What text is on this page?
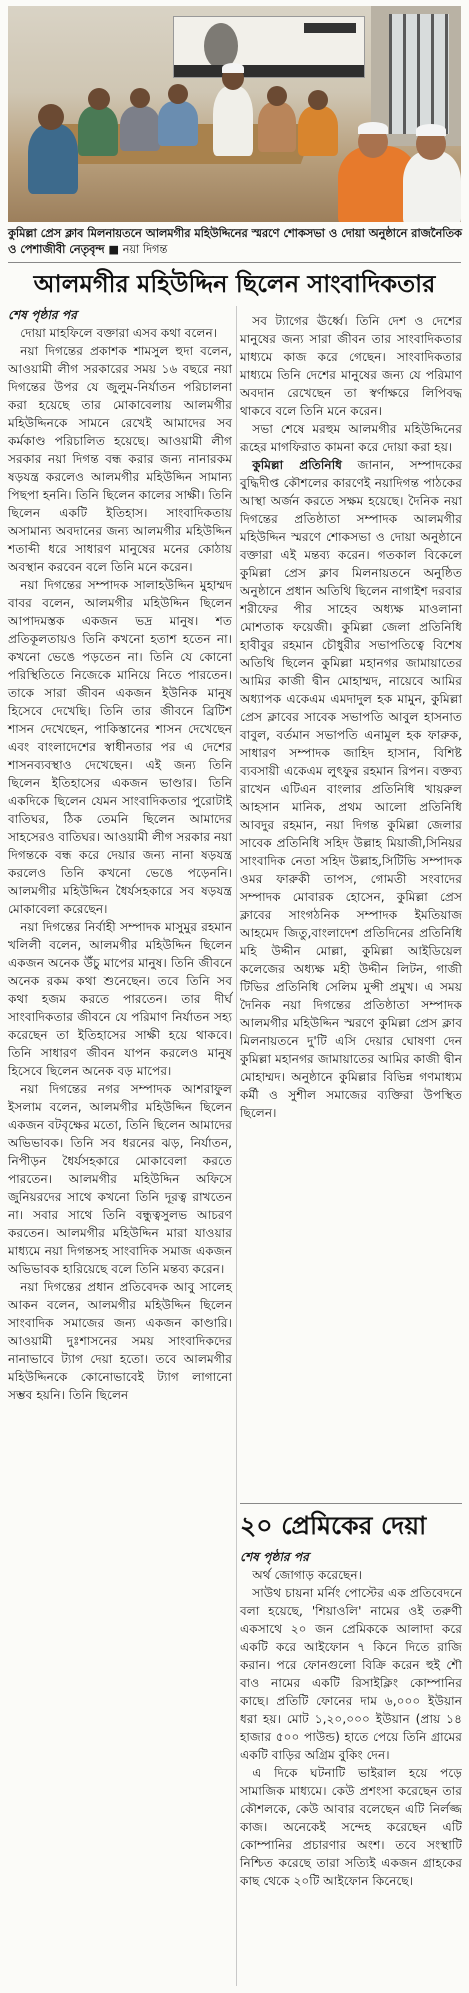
কুমিল্লা প্রেস ক্লাব মিলনায়তনে আলমগীর মহিউদ্দিনের স্মরণে শোকসভা ও দোয়া অনুষ্ঠানে রাজনৈতিক ও পেশাজীবী নেতৃবৃন্দ ■ নয়া দিগন্ত
আলমগীর মহিউদ্দিন ছিলেন সাংবাদিকতার

শেষ পৃষ্ঠার পর

দোয়া মাহফিলে বক্তারা এসব কথা বলেন।

নয়া দিগন্তের প্রকাশক শামসুল হুদা বলেন, আওয়ামী লীগ সরকারের সময় ১৬ বছরে নয়া দিগন্তের উপর যে জুলুম-নির্যাতন পরিচালনা করা হয়েছে তার মোকাবেলায় আলমগীর মহিউদ্দিনকে সামনে রেখেই আমাদের সব কর্মকাণ্ড পরিচালিত হয়েছে। আওয়ামী লীগ সরকার নয়া দিগন্ত বন্ধ করার জন্য নানারকম ষড়যন্ত্র করলেও আলমগীর মহিউদ্দিন সামান্য পিছপা হননি। তিনি ছিলেন কালের সাক্ষী। তিনি ছিলেন একটি ইতিহাস। সাংবাদিকতায় অসামান্য অবদানের জন্য আলমগীর মহিউদ্দিন শতাব্দী ধরে সাধারণ মানুষের মনের কোঠায় অবস্থান করবেন বলে তিনি মনে করেন।

নয়া দিগন্তের সম্পাদক সালাহউদ্দিন মুহাম্মদ বাবর বলেন, আলমগীর মহিউদ্দিন ছিলেন আপাদমস্তক একজন ভদ্র মানুষ। শত প্রতিকূলতায়ও তিনি কখনো হতাশ হতেন না। কখনো ভেঙে পড়তেন না। তিনি যে কোনো পরিস্থিতিতে নিজেকে মানিয়ে নিতে পারতেন। তাকে সারা জীবন একজন ইউনিক মানুষ হিসেবে দেখেছি। তিনি তার জীবনে ব্রিটিশ শাসন দেখেছেন, পাকিস্তানের শাসন দেখেছেন এবং বাংলাদেশের স্বাধীনতার পর এ দেশের শাসনব্যবস্থাও দেখেছেন। এই জন্য তিনি ছিলেন ইতিহাসের একজন ভাণ্ডার। তিনি একদিকে ছিলেন যেমন সাংবাদিকতার পুরোটাই বাতিঘর, ঠিক তেমনি ছিলেন আমাদের সাহসেরও বাতিঘর। আওয়ামী লীগ সরকার নয়া দিগন্তকে বন্ধ করে দেয়ার জন্য নানা ষড়যন্ত্র করলেও তিনি কখনো ভেঙে পড়েননি। আলমগীর মহিউদ্দিন ধৈর্যসহকারে সব ষড়যন্ত্র মোকাবেলা করেছেন।

নয়া দিগন্তের নির্বাহী সম্পাদক মাসুমুর রহমান খলিলী বলেন, আলমগীর মহিউদ্দিন ছিলেন একজন অনেক উঁচু মাপের মানুষ। তিনি জীবনে অনেক রকম কথা শুনেছেন। তবে তিনি সব কথা হজম করতে পারতেন। তার দীর্ঘ সাংবাদিকতার জীবনে যে পরিমাণ নির্যাতন সহ্য করেছেন তা ইতিহাসের সাক্ষী হয়ে থাকবে। তিনি সাধারণ জীবন যাপন করলেও মানুষ হিসেবে ছিলেন অনেক বড় মাপের।

নয়া দিগন্তের নগর সম্পাদক আশরাফুল ইসলাম বলেন, আলমগীর মহিউদ্দিন ছিলেন একজন বটবৃক্ষের মতো, তিনি ছিলেন আমাদের অভিভাবক। তিনি সব ধরনের ঝড়, নির্যাতন, নিপীড়ন ধৈর্যসহকারে মোকাবেলা করতে পারতেন। আলমগীর মহিউদ্দিন অফিসে জুনিয়রদের সাথে কখনো তিনি দূরত্ব রাখতেন না। সবার সাথে তিনি বন্ধুত্বসুলভ আচরণ করতেন। আলমগীর মহিউদ্দিন মারা যাওয়ার মাধ্যমে নয়া দিগন্তসহ সাংবাদিক সমাজ একজন অভিভাবক হারিয়েছে বলে তিনি মন্তব্য করেন।

নয়া দিগন্তের প্রধান প্রতিবেদক আবু সালেহ আকন বলেন, আলমগীর মহিউদ্দিন ছিলেন সাংবাদিক সমাজের জন্য একজন কাণ্ডারি। আওয়ামী দুঃশাসনের সময় সাংবাদিকদের নানাভাবে ট্যাগ দেয়া হতো। তবে আলমগীর মহিউদ্দিনকে কোনোভাবেই ট্যাগ লাগানো সম্ভব হয়নি। তিনি ছিলেন

সব ট্যাগের ঊর্ধ্বে। তিনি দেশ ও দেশের মানুষের জন্য সারা জীবন তার সাংবাদিকতার মাধ্যমে কাজ করে গেছেন। সাংবাদিকতার মাধ্যমে তিনি দেশের মানুষের জন্য যে পরিমাণ অবদান রেখেছেন তা স্বর্ণাক্ষরে লিপিবদ্ধ থাকবে বলে তিনি মনে করেন।

সভা শেষে মরহুম আলমগীর মহিউদ্দিনের রূহের মাগফিরাত কামনা করে দোয়া করা হয়।

কুমিল্লা প্রতিনিধি জানান, সম্পাদকের বুদ্ধিদীপ্ত কৌশলের কারণেই নয়াদিগন্ত পাঠকের আস্থা অর্জন করতে সক্ষম হয়েছে। দৈনিক নয়া দিগন্তের প্রতিষ্ঠাতা সম্পাদক আলমগীর মহিউদ্দিন স্মরণে শোকসভা ও দোয়া অনুষ্ঠানে বক্তারা এই মন্তব্য করেন। গতকাল বিকেলে কুমিল্লা প্রেস ক্লাব মিলনায়তনে অনুষ্ঠিত অনুষ্ঠানে প্রধান অতিথি ছিলেন নাগাইশ দরবার শরীফের পীর সাহেব অধ্যক্ষ মাওলানা মোশতাক ফয়েজী। কুমিল্লা জেলা প্রতিনিধি হাবীবুর রহমান চৌধুরীর সভাপতিত্বে বিশেষ অতিথি ছিলেন কুমিল্লা মহানগর জামায়াতের আমির কাজী দ্বীন মোহাম্মদ, নায়েবে আমির অধ্যাপক একেএম এমদাদুল হক মামুন, কুমিল্লা প্রেস ক্লাবের সাবেক সভাপতি আবুল হাসনাত বাবুল, বর্তমান সভাপতি এনামুল হক ফারুক, সাধারণ সম্পাদক জাহিদ হাসান, বিশিষ্ট ব্যবসায়ী একেএম লুৎফুর রহমান রিপন। বক্তব্য রাখেন এটিএন বাংলার প্রতিনিধি খায়রুল আহসান মানিক, প্রথম আলো প্রতিনিধি আবদুর রহমান, নয়া দিগন্ত কুমিল্লা জেলার সাবেক প্রতিনিধি সহিদ উল্লাহ মিয়াজী,সিনিয়র সাংবাদিক নেতা সহিদ উল্লাহ,সিটিভি সম্পাদক ওমর ফারুকী তাপস, গোমতী সংবাদের সম্পাদক মোবারক হোসেন, কুমিল্লা প্রেস ক্লাবের সাংগঠনিক সম্পাদক ইমতিয়াজ আহমেদ জিতু,বাংলাদেশ প্রতিদিনের প্রতিনিধি মহি উদ্দীন মোল্লা, কুমিল্লা আইডিয়েল কলেজের অধ্যক্ষ মহী উদ্দীন লিটন, গাজী টিভির প্রতিনিধি সেলিম মুন্সী প্রমুখ। এ সময় দৈনিক নয়া দিগন্তের প্রতিষ্ঠাতা সম্পাদক আলমগীর মহিউদ্দিন স্মরণে কুমিল্লা প্রেস ক্লাব মিলনায়তনে দু'টি এসি দেয়ার ঘোষণা দেন কুমিল্লা মহানগর জামায়াতের আমির কাজী দ্বীন মোহাম্মদ। অনুষ্ঠানে কুমিল্লার বিভিন্ন গণমাধ্যম কর্মী ও সুশীল সমাজের ব্যক্তিরা উপস্থিত ছিলেন।

২০ প্রেমিকের দেয়া

শেষ পৃষ্ঠার পর

অর্থ জোগাড় করেছেন।

সাউথ চায়না মর্নিং পোস্টের এক প্রতিবেদনে বলা হয়েছে, 'শিয়াওলি' নামের ওই তরুণী একসাথে ২০ জন প্রেমিককে আলাদা করে একটি করে আইফোন ৭ কিনে দিতে রাজি করান। পরে ফোনগুলো বিক্রি করেন হুই শৌ বাও নামের একটি রিসাইক্লিং কোম্পানির কাছে। প্রতিটি ফোনের দাম ৬,০০০ ইউয়ান ধরা হয়। মোট ১,২০,০০০ ইউয়ান (প্রায় ১৪ হাজার ৫০০ পাউন্ড) হাতে পেয়ে তিনি গ্রামের একটি বাড়ির অগ্রিম বুকিং দেন।

এ দিকে ঘটনাটি ভাইরাল হয়ে পড়ে সামাজিক মাধ্যমে। কেউ প্রশংসা করেছেন তার কৌশলকে, কেউ আবার বলেছেন এটি নির্লজ্জ কাজ। অনেকেই সন্দেহ করেছেন এটি কোম্পানির প্রচারণার অংশ। তবে সংস্থাটি নিশ্চিত করেছে তারা সত্যিই একজন গ্রাহকের কাছ থেকে ২০টি আইফোন কিনেছে।
